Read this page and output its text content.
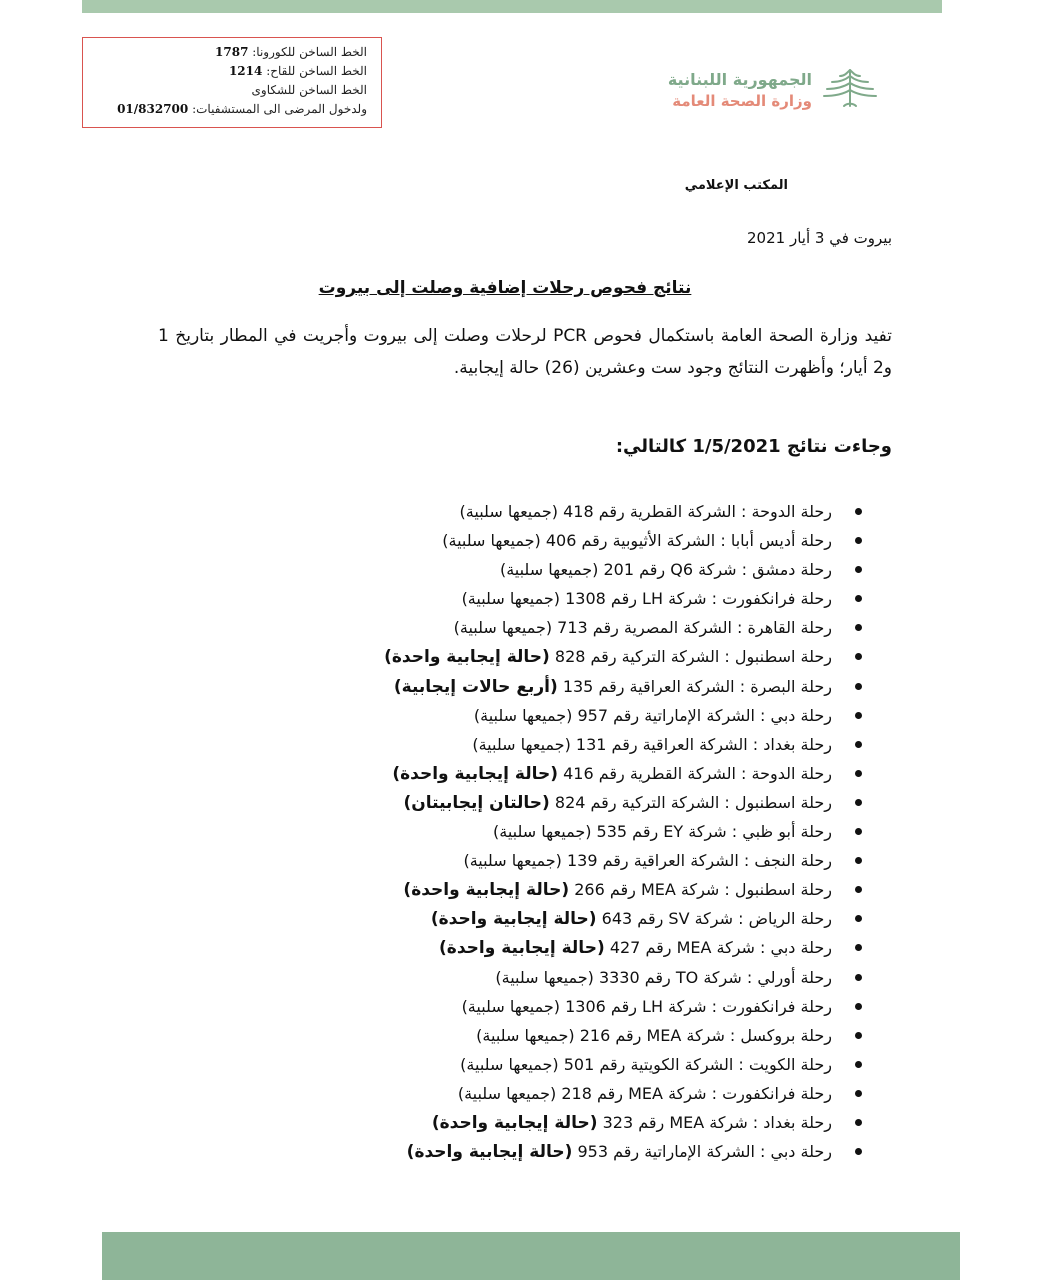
الخط الساخن للكورونا: 1787
الخط الساخن للقاح: 1214
الخط الساخن للشكاوى
ولدخول المرضى الى المستشفيات: 01/832700
الجمهورية اللبنانية
وزارة الصحة العامة
المكتب الإعلامي
بيروت في 3 أيار 2021
نتائج فحوص رحلات إضافية وصلت إلى بيروت
تفيد وزارة الصحة العامة باستكمال فحوص PCR لرحلات وصلت إلى بيروت وأجريت في المطار بتاريخ 1 و2 أيار؛ وأظهرت النتائج وجود ست وعشرين (26) حالة إيجابية.
وجاءت نتائج 1/5/2021 كالتالي:
رحلة الدوحة : الشركة القطرية رقم 418 (جميعها سلبية)
رحلة أديس أبابا : الشركة الأثيوبية رقم 406 (جميعها سلبية)
رحلة دمشق : شركة Q6 رقم 201 (جميعها سلبية)
رحلة فرانكفورت : شركة LH رقم 1308 (جميعها سلبية)
رحلة القاهرة : الشركة المصرية رقم 713 (جميعها سلبية)
رحلة اسطنبول : الشركة التركية رقم 828 (حالة إيجابية واحدة)
رحلة البصرة : الشركة العراقية رقم 135 (أربع حالات إيجابية)
رحلة دبي : الشركة الإماراتية رقم 957 (جميعها سلبية)
رحلة بغداد : الشركة العراقية رقم 131 (جميعها سلبية)
رحلة الدوحة : الشركة القطرية رقم 416 (حالة إيجابية واحدة)
رحلة اسطنبول : الشركة التركية رقم 824 (حالتان إيجابيتان)
رحلة أبو ظبي : شركة EY رقم 535 (جميعها سلبية)
رحلة النجف : الشركة العراقية رقم 139 (جميعها سلبية)
رحلة اسطنبول : شركة MEA رقم 266 (حالة إيجابية واحدة)
رحلة الرياض : شركة SV رقم 643 (حالة إيجابية واحدة)
رحلة دبي : شركة MEA رقم 427 (حالة إيجابية واحدة)
رحلة أورلي : شركة TO رقم 3330 (جميعها سلبية)
رحلة فرانكفورت : شركة LH رقم 1306 (جميعها سلبية)
رحلة بروكسل : شركة MEA رقم 216 (جميعها سلبية)
رحلة الكويت : الشركة الكويتية رقم 501 (جميعها سلبية)
رحلة فرانكفورت : شركة MEA رقم 218 (جميعها سلبية)
رحلة بغداد : شركة MEA رقم 323 (حالة إيجابية واحدة)
رحلة دبي : الشركة الإماراتية رقم 953 (حالة إيجابية واحدة)
